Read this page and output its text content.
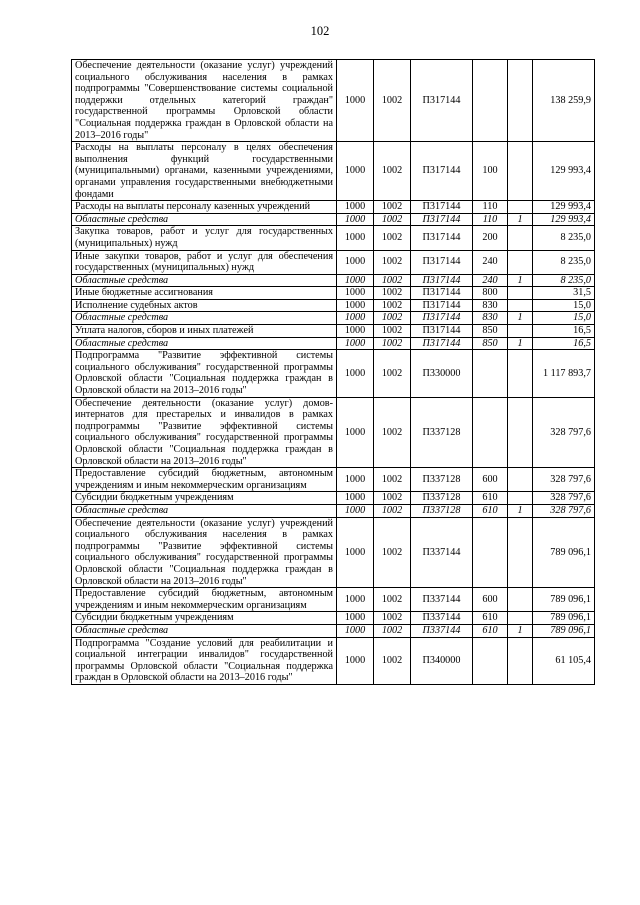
102
Обеспечение деятельности (оказание услуг) учреждений социального обслуживания населения в рамках подпрограммы "Совершенствование системы социальной поддержки отдельных категорий граждан" государственной программы Орловской области "Социальная поддержка граждан в Орловской области на 2013–2016 годы"	1000	1002	П317144			138 259,9
Расходы на выплаты персоналу в целях обеспечения выполнения функций государственными (муниципальными) органами, казенными учреждениями, органами управления государственными внебюджетными фондами	1000	1002	П317144	100		129 993,4
Расходы на выплаты персоналу казенных учреждений	1000	1002	П317144	110		129 993,4
Областные средства	1000	1002	П317144	110	1	129 993,4
Закупка товаров, работ и услуг для государственных (муниципальных) нужд	1000	1002	П317144	200		8 235,0
Иные закупки товаров, работ и услуг для обеспечения государственных (муниципальных) нужд	1000	1002	П317144	240		8 235,0
Областные средства	1000	1002	П317144	240	1	8 235,0
Иные бюджетные ассигнования	1000	1002	П317144	800		31,5
Исполнение судебных актов	1000	1002	П317144	830		15,0
Областные средства	1000	1002	П317144	830	1	15,0
Уплата налогов, сборов и иных платежей	1000	1002	П317144	850		16,5
Областные средства	1000	1002	П317144	850	1	16,5
Подпрограмма "Развитие эффективной системы социального обслуживания" государственной программы Орловской области "Социальная поддержка граждан в Орловской области на 2013–2016 годы"	1000	1002	П330000			1 117 893,7
Обеспечение деятельности (оказание услуг) домов-интернатов для престарелых и инвалидов в рамках подпрограммы "Развитие эффективной системы социального обслуживания" государственной программы Орловской области "Социальная поддержка граждан в Орловской области на 2013–2016 годы"	1000	1002	П337128			328 797,6
Предоставление субсидий бюджетным, автономным учреждениям и иным некоммерческим организациям	1000	1002	П337128	600		328 797,6
Субсидии бюджетным учреждениям	1000	1002	П337128	610		328 797,6
Областные средства	1000	1002	П337128	610	1	328 797,6
Обеспечение деятельности (оказание услуг) учреждений социального обслуживания населения в рамках подпрограммы "Развитие эффективной системы социального обслуживания" государственной программы Орловской области "Социальная поддержка граждан в Орловской области на 2013–2016 годы"	1000	1002	П337144			789 096,1
Предоставление субсидий бюджетным, автономным учреждениям и иным некоммерческим организациям	1000	1002	П337144	600		789 096,1
Субсидии бюджетным учреждениям	1000	1002	П337144	610		789 096,1
Областные средства	1000	1002	П337144	610	1	789 096,1
Подпрограмма "Создание условий для реабилитации и социальной интеграции инвалидов" государственной программы Орловской области "Социальная поддержка граждан в Орловской области на 2013–2016 годы"	1000	1002	П340000			61 105,4
